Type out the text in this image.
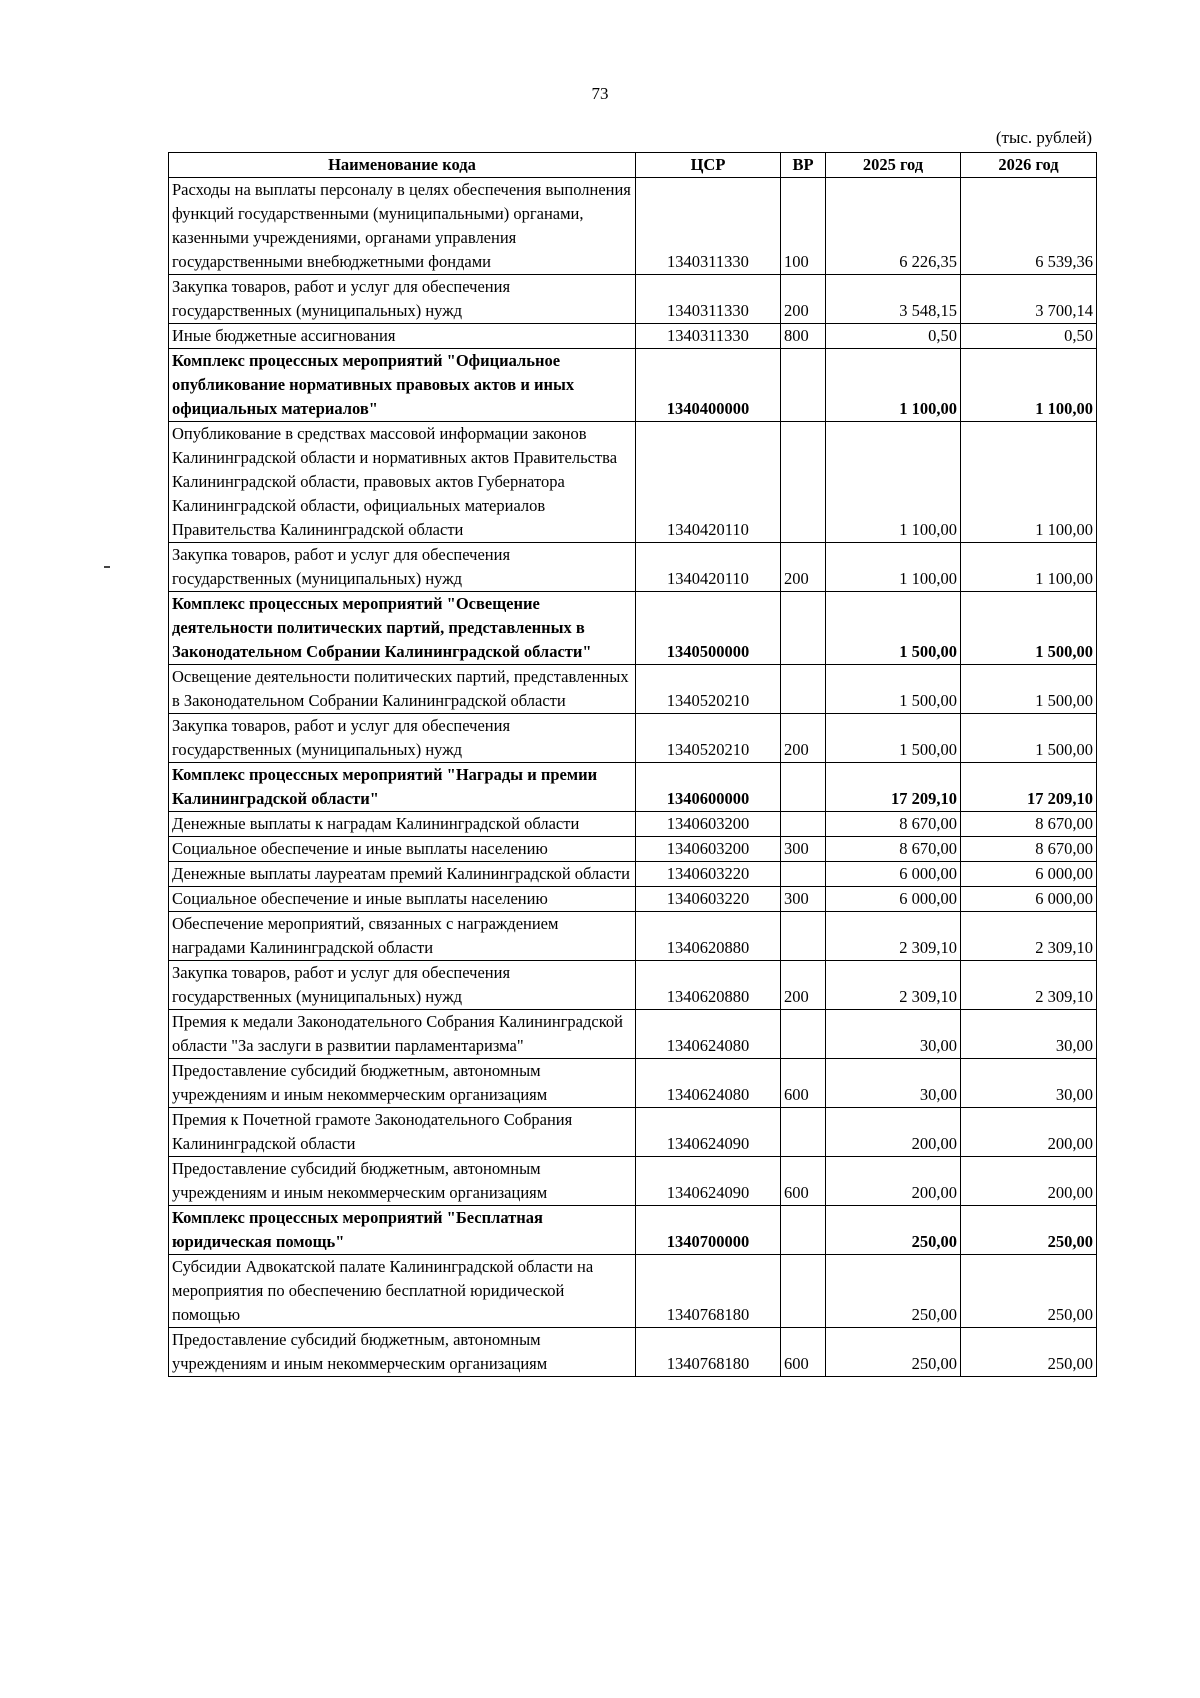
73
(тыс. рублей)
Наименование кода	ЦСР	ВР	2025 год	2026 год
Расходы на выплаты персоналу в целях обеспечения выполнения функций государственными (муниципальными) органами, казенными учреждениями, органами управления государственными внебюджетными фондами	1340311330	100	6 226,35	6 539,36
Закупка товаров, работ и услуг для обеспечения государственных (муниципальных) нужд	1340311330	200	3 548,15	3 700,14
Иные бюджетные ассигнования	1340311330	800	0,50	0,50
Комплекс процессных мероприятий "Официальное опубликование нормативных правовых актов и иных официальных материалов"	1340400000		1 100,00	1 100,00
Опубликование в средствах массовой информации законов Калининградской области и нормативных актов Правительства Калининградской области, правовых актов Губернатора Калининградской области, официальных материалов Правительства Калининградской области	1340420110		1 100,00	1 100,00
Закупка товаров, работ и услуг для обеспечения государственных (муниципальных) нужд	1340420110	200	1 100,00	1 100,00
Комплекс процессных мероприятий "Освещение деятельности политических партий, представленных в Законодательном Собрании Калининградской области"	1340500000		1 500,00	1 500,00
Освещение деятельности политических партий, представленных в Законодательном Собрании Калининградской области	1340520210		1 500,00	1 500,00
Закупка товаров, работ и услуг для обеспечения государственных (муниципальных) нужд	1340520210	200	1 500,00	1 500,00
Комплекс процессных мероприятий "Награды и премии Калининградской области"	1340600000		17 209,10	17 209,10
Денежные выплаты к наградам Калининградской области	1340603200		8 670,00	8 670,00
Социальное обеспечение и иные выплаты населению	1340603200	300	8 670,00	8 670,00
Денежные выплаты лауреатам премий Калининградской области	1340603220		6 000,00	6 000,00
Социальное обеспечение и иные выплаты населению	1340603220	300	6 000,00	6 000,00
Обеспечение мероприятий, связанных с награждением наградами Калининградской области	1340620880		2 309,10	2 309,10
Закупка товаров, работ и услуг для обеспечения государственных (муниципальных) нужд	1340620880	200	2 309,10	2 309,10
Премия к медали Законодательного Собрания Калининградской области "За заслуги в развитии парламентаризма"	1340624080		30,00	30,00
Предоставление субсидий бюджетным, автономным учреждениям и иным некоммерческим организациям	1340624080	600	30,00	30,00
Премия к Почетной грамоте Законодательного Собрания Калининградской области	1340624090		200,00	200,00
Предоставление субсидий бюджетным, автономным учреждениям и иным некоммерческим организациям	1340624090	600	200,00	200,00
Комплекс процессных мероприятий "Бесплатная юридическая помощь"	1340700000		250,00	250,00
Субсидии Адвокатской палате Калининградской области на мероприятия по обеспечению бесплатной юридической помощью	1340768180		250,00	250,00
Предоставление субсидий бюджетным, автономным учреждениям и иным некоммерческим организациям	1340768180	600	250,00	250,00
